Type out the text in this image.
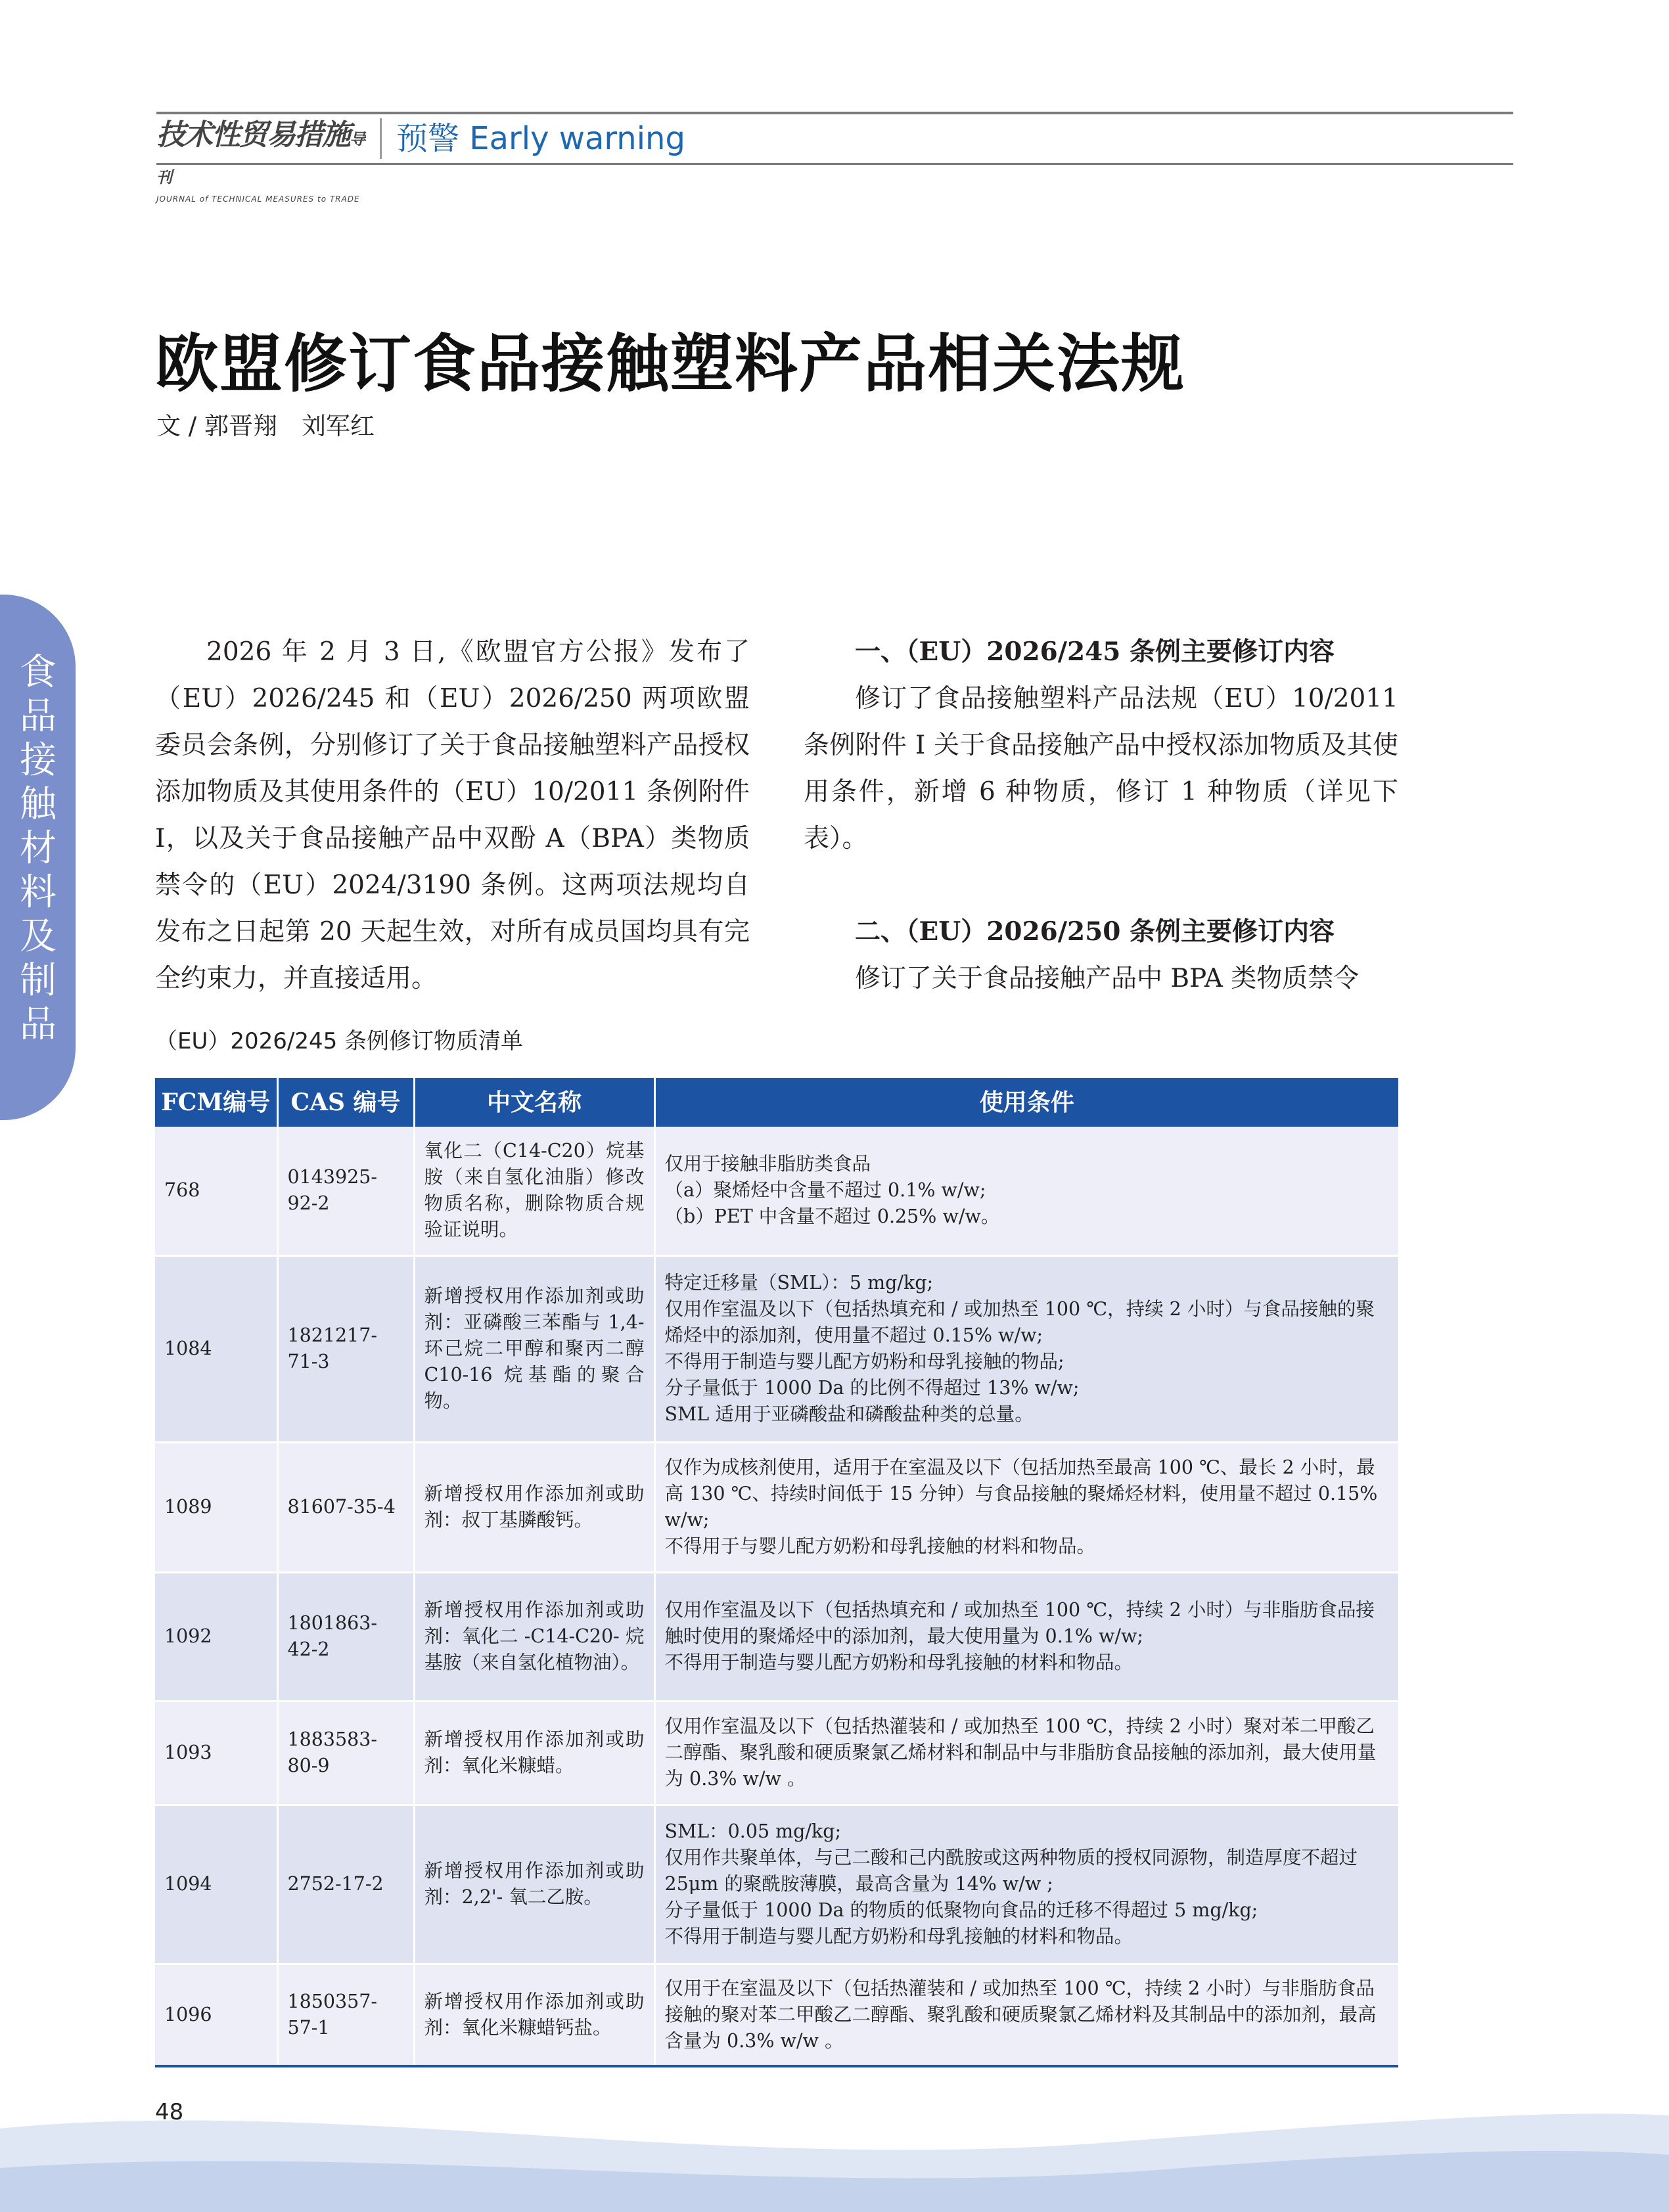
技术性贸易措施导刊
JOURNAL of TECHNICAL MEASURES to TRADE
预警 Early warning
欧盟修订食品接触塑料产品相关法规
文 / 郭晋翔　刘军红
食品接触材料及制品

2026 年 2 月 3 日,《欧盟官方公报》发布了（EU）2026/245 和（EU）2026/250 两项欧盟委员会条例，分别修订了关于食品接触塑料产品授权添加物质及其使用条件的（EU）10/2011 条例附件 I，以及关于食品接触产品中双酚 A（BPA）类物质禁令的（EU）2024/3190 条例。这两项法规均自发布之日起第 20 天起生效，对所有成员国均具有完全约束力，并直接适用。

一、（EU）2026/245 条例主要修订内容

修订了食品接触塑料产品法规（EU）10/2011 条例附件 I 关于食品接触产品中授权添加物质及其使用条件，新增 6 种物质，修订 1 种物质（详见下表）。

二、（EU）2026/250 条例主要修订内容

修订了关于食品接触产品中 BPA 类物质禁令

（EU）2026/245 条例修订物质清单
FCM编号	CAS 编号	中文名称	使用条件
768	0143925-92-2	氧化二（C14-C20）烷基胺（来自氢化油脂）修改物质名称，删除物质合规验证说明。	仅用于接触非脂肪类食品
（a）聚烯烃中含量不超过 0.1% w/w;
（b）PET 中含量不超过 0.25% w/w。

1084	1821217-71-3	新增授权用作添加剂或助剂：亚磷酸三苯酯与 1,4- 环己烷二甲醇和聚丙二醇 C10-16 烷基酯的聚合物。	特定迁移量（SML）：5 mg/kg;
仅用作室温及以下（包括热填充和 / 或加热至 100 ℃，持续 2 小时）与食品接触的聚烯烃中的添加剂，使用量不超过 0.15% w/w;
不得用于制造与婴儿配方奶粉和母乳接触的物品;
分子量低于 1000 Da 的比例不得超过 13% w/w;
SML 适用于亚磷酸盐和磷酸盐种类的总量。

1089	81607-35-4	新增授权用作添加剂或助剂：叔丁基膦酸钙。	仅作为成核剂使用，适用于在室温及以下（包括加热至最高 100 ℃、最长 2 小时，最高 130 ℃、持续时间低于 15 分钟）与食品接触的聚烯烃材料，使用量不超过 0.15% w/w;
不得用于与婴儿配方奶粉和母乳接触的材料和物品。

1092	1801863-42-2	新增授权用作添加剂或助剂：氧化二 -C14-C20- 烷基胺（来自氢化植物油）。	仅用作室温及以下（包括热填充和 / 或加热至 100 ℃，持续 2 小时）与非脂肪食品接触时使用的聚烯烃中的添加剂，最大使用量为 0.1% w/w;
不得用于制造与婴儿配方奶粉和母乳接触的材料和物品。

1093	1883583-80-9	新增授权用作添加剂或助剂：氧化米糠蜡。	仅用作室温及以下（包括热灌装和 / 或加热至 100 ℃，持续 2 小时）聚对苯二甲酸乙二醇酯、聚乳酸和硬质聚氯乙烯材料和制品中与非脂肪食品接触的添加剂，最大使用量为 0.3% w/w 。

1094	2752-17-2	新增授权用作添加剂或助剂：2,2'- 氧二乙胺。	SML：0.05 mg/kg;
仅用作共聚单体，与己二酸和己内酰胺或这两种物质的授权同源物，制造厚度不超过 25μm 的聚酰胺薄膜，最高含量为 14% w/w ;
分子量低于 1000 Da 的物质的低聚物向食品的迁移不得超过 5 mg/kg;
不得用于制造与婴儿配方奶粉和母乳接触的材料和物品。

1096	1850357-57-1	新增授权用作添加剂或助剂：氧化米糠蜡钙盐。	仅用于在室温及以下（包括热灌装和 / 或加热至 100 ℃，持续 2 小时）与非脂肪食品接触的聚对苯二甲酸乙二醇酯、聚乳酸和硬质聚氯乙烯材料及其制品中的添加剂，最高含量为 0.3% w/w 。
48
